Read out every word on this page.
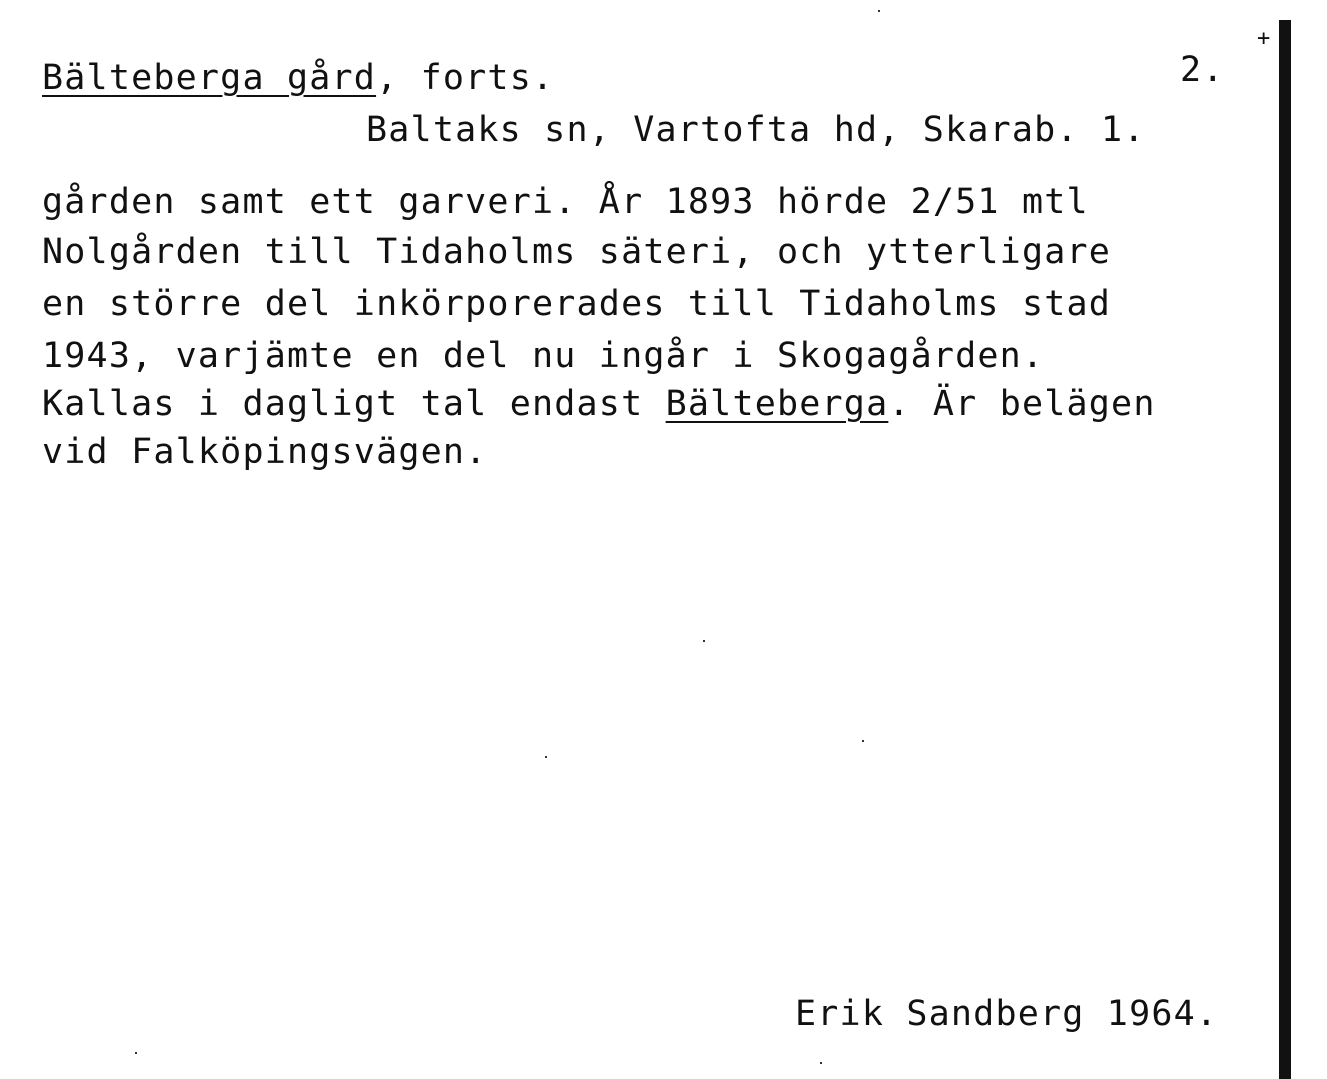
Bälteberga gård, forts.	2.
Baltaks sn, Vartofta hd, Skarab. 1.
gården samt ett garveri. År 1893 hörde 2/51 mtl
Nolgården till Tidaholms säteri, och ytterligare
en större del inkörporerades till Tidaholms stad
1943, varjämte en del nu ingår i Skogagården.
Kallas i dagligt tal endast Bälteberga. Är belägen
vid Falköpingsvägen.
Erik Sandberg 1964.
+
